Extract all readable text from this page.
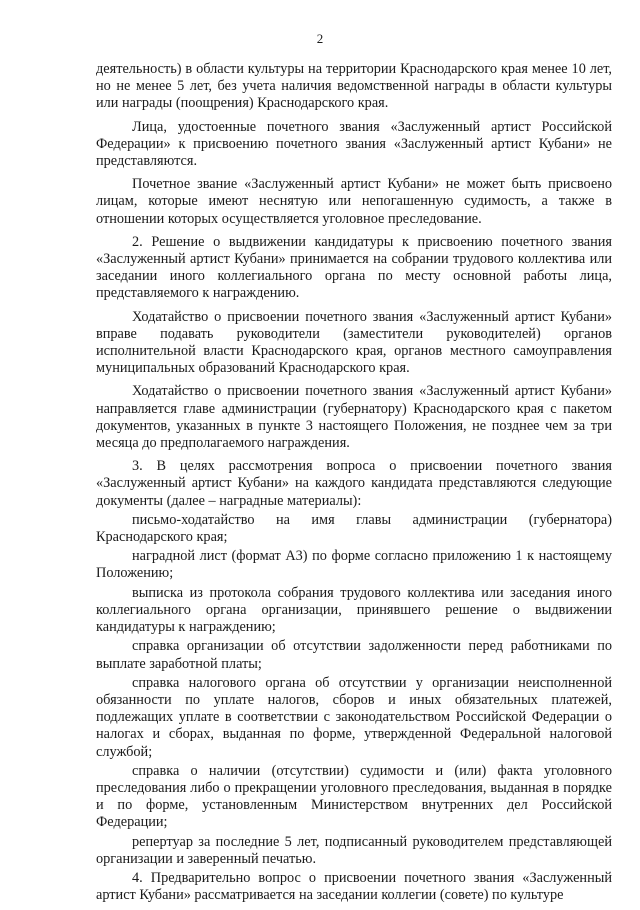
2

деятельность) в области культуры на территории Краснодарского края менее 10 лет, но не менее 5 лет, без учета наличия ведомственной награды в области культуры или награды (поощрения) Краснодарского края.

Лица, удостоенные почетного звания «Заслуженный артист Российской Федерации» к присвоению почетного звания «Заслуженный артист Кубани» не представляются.

Почетное звание «Заслуженный артист Кубани» не может быть присвоено лицам, которые имеют неснятую или непогашенную судимость, а также в отношении которых осуществляется уголовное преследование.

2. Решение о выдвижении кандидатуры к присвоению почетного звания «Заслуженный артист Кубани» принимается на собрании трудового коллектива или заседании иного коллегиального органа по месту основной работы лица, представляемого к награждению.

Ходатайство о присвоении почетного звания «Заслуженный артист Кубани» вправе подавать руководители (заместители руководителей) органов исполнительной власти Краснодарского края, органов местного самоуправления муниципальных образований Краснодарского края.

Ходатайство о присвоении почетного звания «Заслуженный артист Кубани» направляется главе администрации (губернатору) Краснодарского края с пакетом документов, указанных в пункте 3 настоящего Положения, не позднее чем за три месяца до предполагаемого награждения.

3. В целях рассмотрения вопроса о присвоении почетного звания «Заслуженный артист Кубани» на каждого кандидата представляются следующие документы (далее – наградные материалы):

письмо-ходатайство на имя главы администрации (губернатора) Краснодарского края;

наградной лист (формат А3) по форме согласно приложению 1 к настоящему Положению;

выписка из протокола собрания трудового коллектива или заседания иного коллегиального органа организации, принявшего решение о выдвижении кандидатуры к награждению;

справка организации об отсутствии задолженности перед работниками по выплате заработной платы;

справка налогового органа об отсутствии у организации неисполненной обязанности по уплате налогов, сборов и иных обязательных платежей, подлежащих уплате в соответствии с законодательством Российской Федерации о налогах и сборах, выданная по форме, утвержденной Федеральной налоговой службой;

справка о наличии (отсутствии) судимости и (или) факта уголовного преследования либо о прекращении уголовного преследования, выданная в порядке и по форме, установленным Министерством внутренних дел Российской Федерации;

репертуар за последние 5 лет, подписанный руководителем представляющей организации и заверенный печатью.

4. Предварительно вопрос о присвоении почетного звания «Заслуженный артист Кубани» рассматривается на заседании коллегии (совете) по культуре
